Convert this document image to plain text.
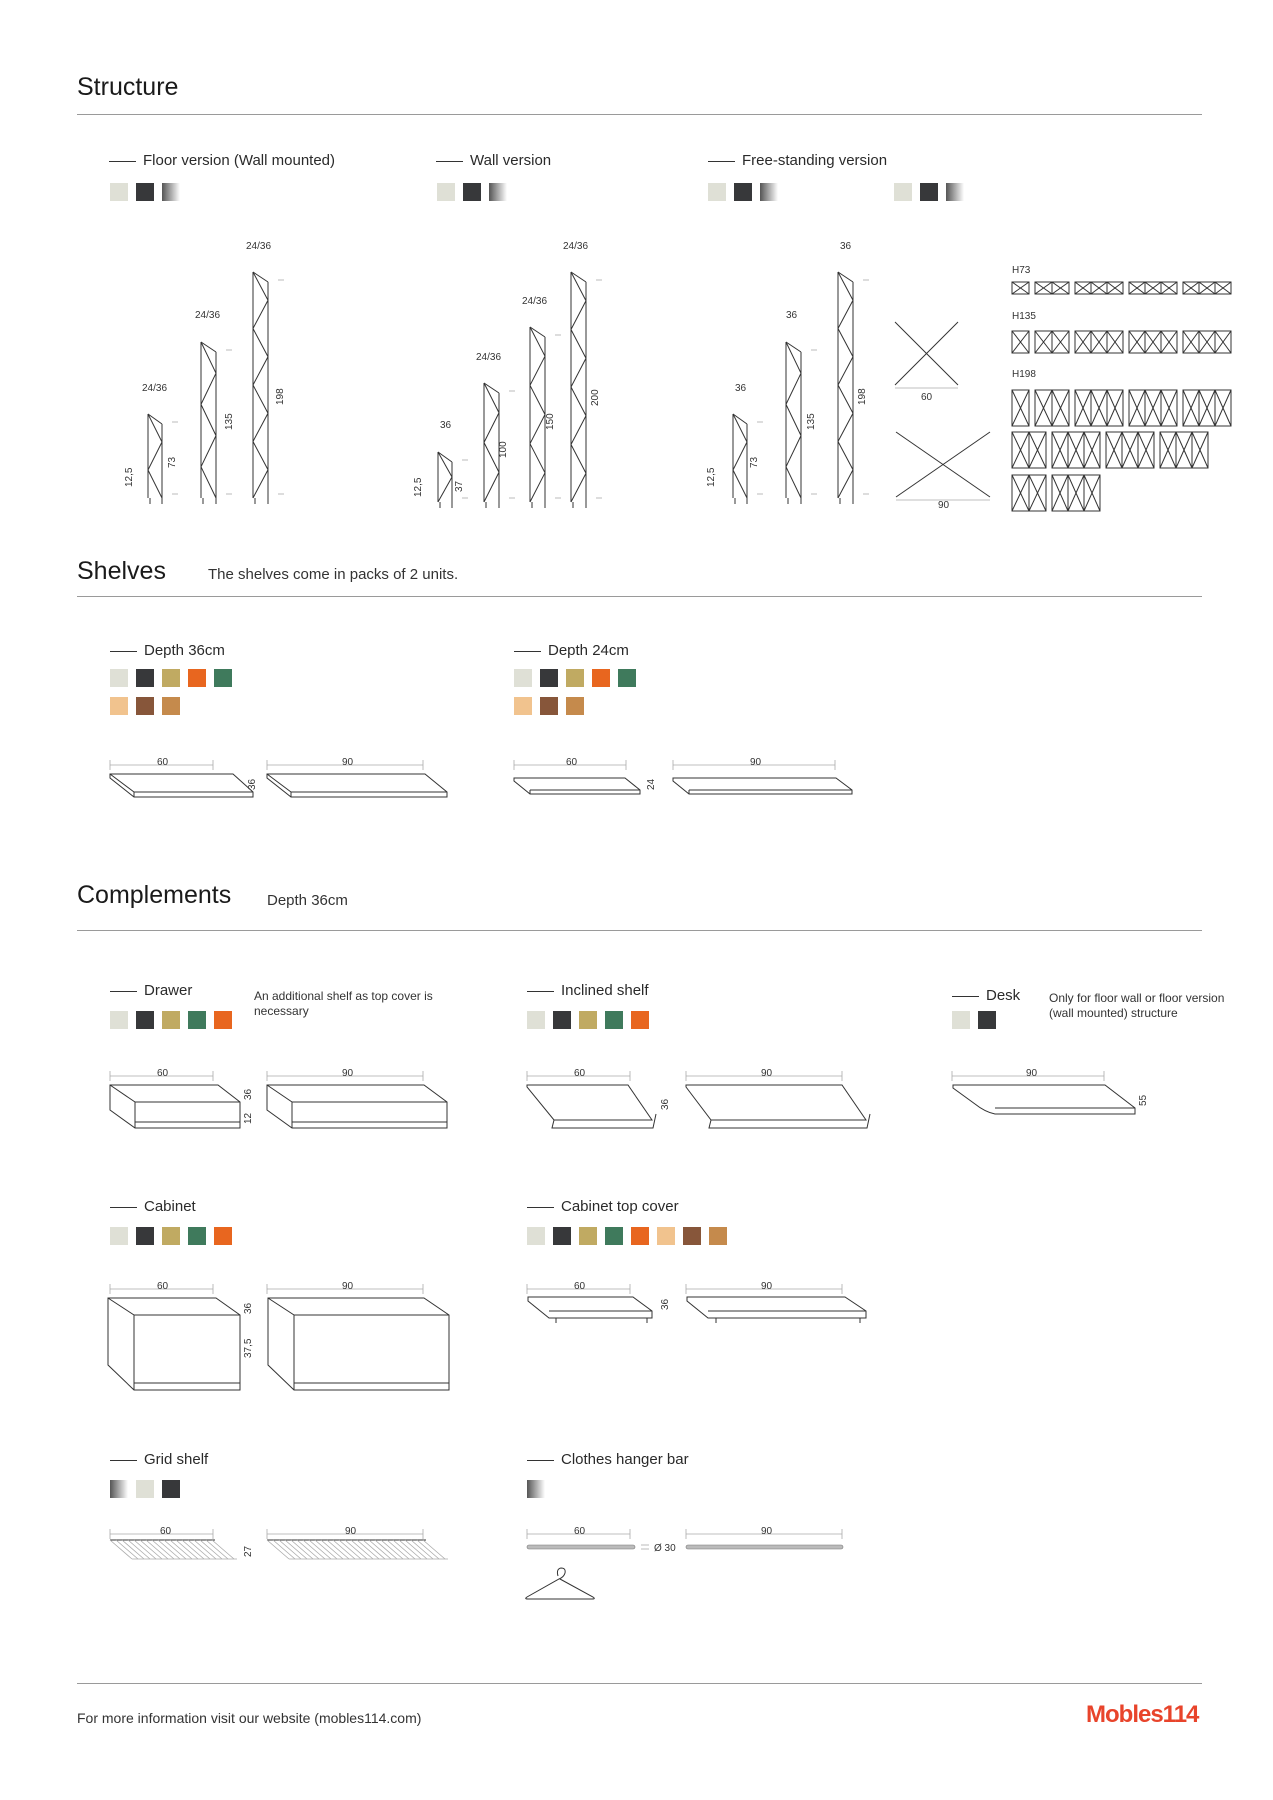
Structure
Floor version (Wall mounted)	Wall version	Free-standing version
24/36
24/36
24/36
73
135
198
12,5
36
24/36
24/36
24/36
37
100
150
200
12,5
36
36
36
73
135
198
12,5
60
90
H73
H135
H198
Shelves	The shelves come in packs of 2 units.
Depth 36cm	Depth 24cm
60	90
36
60	90
24
Complements Depth 36cm
Drawer	An additional shelf as top cover is necessary
Inclined shelf	Desk Only for floor wall or floor version (wall mounted) structure
Cabinet	Cabinet top cover
Grid shelf	Clothes hanger bar
60	90
36
12
60	90
36
90
55
60	90
36
37,5
60	90
36
60	90
27
60	90
Ø 30
For more information visit our website (mobles114.com)	Mobles114
